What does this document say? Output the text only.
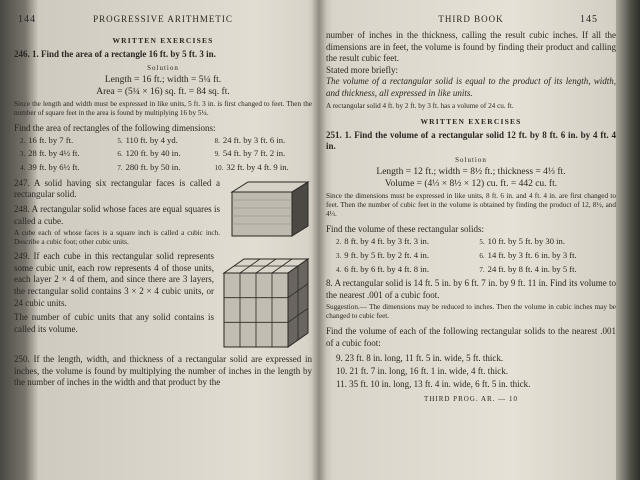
144	PROGRESSIVE ARITHMETIC
WRITTEN EXERCISES

246. 1. Find the area of a rectangle 16 ft. by 5 ft. 3 in.

Solution

Length = 16 ft.; width = 5¼ ft.

Area = (5¼ × 16) sq. ft. = 84 sq. ft.

Since the length and width must be expressed in like units, 5 ft. 3 in. is first changed to feet. Then the number of square feet in the area is found by multiplying 16 by 5¼.

Find the area of rectangles of the following dimensions:

2. 16 ft. by 7 ft.	5. 110 ft. by 4 yd.	8. 24 ft. by 3 ft. 6 in.
3. 28 ft. by 4½ ft.	6. 120 ft. by 40 in.	9. 54 ft. by 7 ft. 2 in.
4. 39 ft. by 6½ ft.	7. 280 ft. by 50 in.	10. 32 ft. by 4 ft. 9 in.

247. A solid having six rectangular faces is called a rectangular solid.

248. A rectangular solid whose faces are equal squares is called a cube.

A cube each of whose faces is a square inch is called a cubic inch. Describe a cubic foot; other cubic units.

249. If each cube in this rectangular solid represents some cubic unit, each row represents 4 of those units, each layer 2 × 4 of them, and since there are 3 layers, the rectangular solid contains 3 × 2 × 4 cubic units, or 24 cubic units.

The number of cubic units that any solid contains is called its volume.

250. If the length, width, and thickness of a rectangular solid are expressed in inches, the volume is found by multiplying the number of inches in the length by the number of inches in the width and that product by the

THIRD BOOK	145

number of inches in the thickness, calling the result cubic inches. If all the dimensions are in feet, the volume is found by finding their product and calling the result cubic feet.

Stated more briefly:

The volume of a rectangular solid is equal to the product of its length, width, and thickness, all expressed in like units.

A rectangular solid 4 ft. by 2 ft. by 3 ft. has a volume of 24 cu. ft.

WRITTEN EXERCISES

251. 1. Find the volume of a rectangular solid 12 ft. by 8 ft. 6 in. by 4 ft. 4 in.

Solution

Length = 12 ft.; width = 8½ ft.; thickness = 4⅓ ft.

Volume = (4⅓ × 8½ × 12) cu. ft. = 442 cu. ft.

Since the dimensions must be expressed in like units, 8 ft. 6 in. and 4 ft. 4 in. are first changed to feet. Then the number of cubic feet in the volume is obtained by finding the product of 12, 8½, and 4⅓.

Find the volume of these rectangular solids:

2. 8 ft. by 4 ft. by 3 ft. 3 in.	5. 10 ft. by 5 ft. by 30 in.
3. 9 ft. by 5 ft. by 2 ft. 4 in.	6. 14 ft. by 3 ft. 6 in. by 3 ft.
4. 6 ft. by 6 ft. by 4 ft. 8 in.	7. 24 ft. by 8 ft. 4 in. by 5 ft.

8. A rectangular solid is 14 ft. 5 in. by 6 ft. 7 in. by 9 ft. 11 in. Find its volume to the nearest .001 of a cubic foot.

Suggestion.— The dimensions may be reduced to inches. Then the volume in cubic inches may be changed to cubic feet.

Find the volume of each of the following rectangular solids to the nearest .001 of a cubic foot:

9. 23 ft. 8 in. long, 11 ft. 5 in. wide, 5 ft. thick.

10. 21 ft. 7 in. long, 16 ft. 1 in. wide, 4 ft. thick.

11. 35 ft. 10 in. long, 13 ft. 4 in. wide, 6 ft. 5 in. thick.

THIRD PROG. AR. — 10
